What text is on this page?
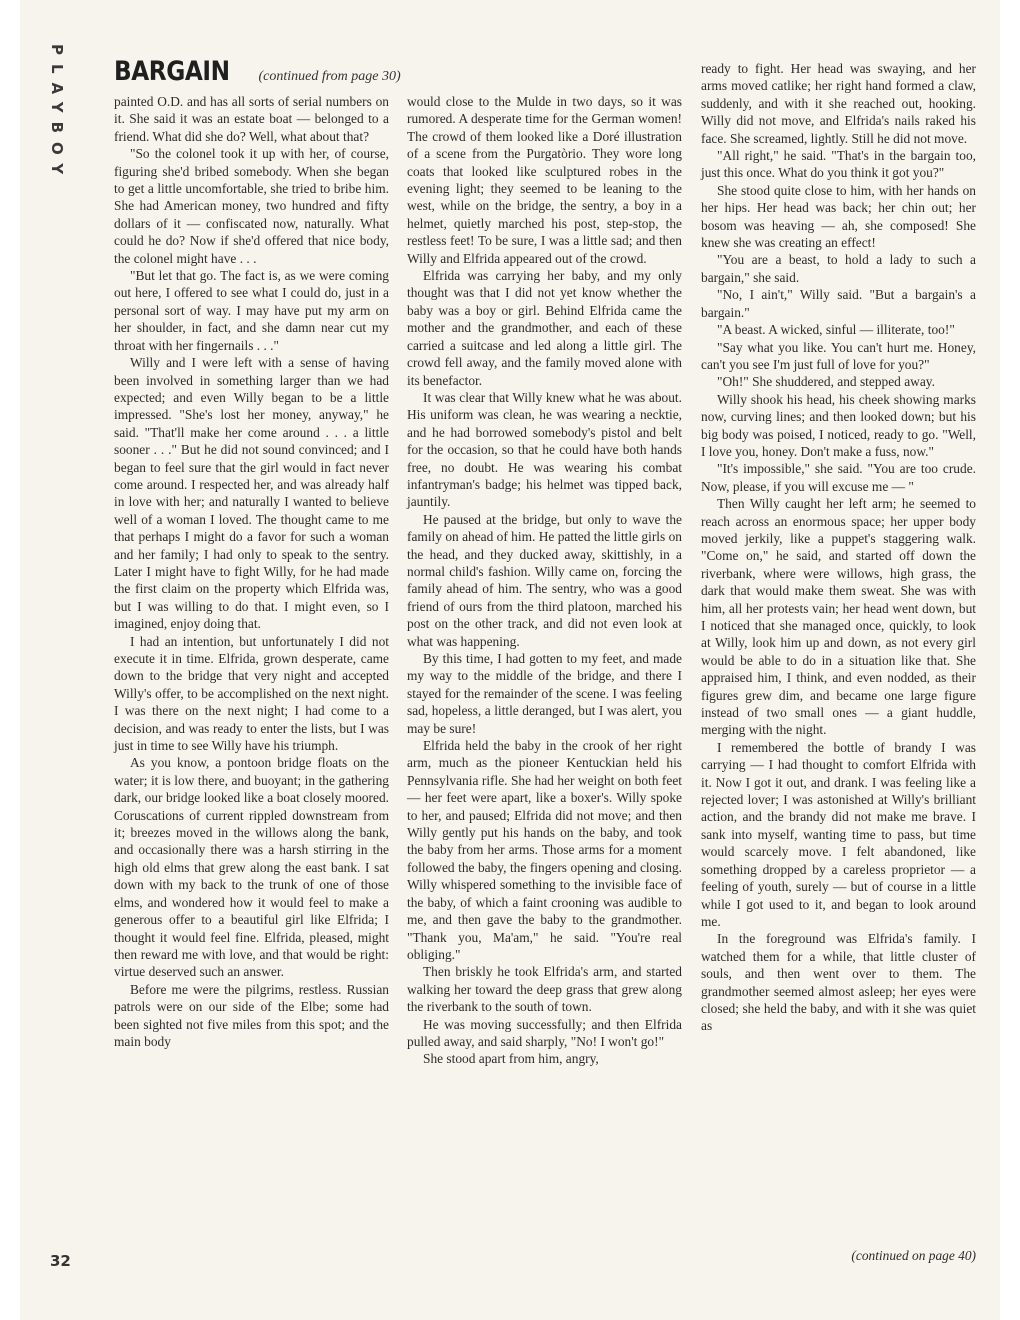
PLAYBOY BARGAIN (continued from page 30)

painted O.D. and has all sorts of serial numbers on it. She said it was an estate boat — belonged to a friend. What did she do? Well, what about that?

"So the colonel took it up with her, of course, figuring she'd bribed somebody. When she began to get a little uncomfortable, she tried to bribe him. She had American money, two hundred and fifty dollars of it — confiscated now, naturally. What could he do? Now if she'd offered that nice body, the colonel might have . . .

"But let that go. The fact is, as we were coming out here, I offered to see what I could do, just in a personal sort of way. I may have put my arm on her shoulder, in fact, and she damn near cut my throat with her fingernails . . ."

Willy and I were left with a sense of having been involved in something larger than we had expected; and even Willy began to be a little impressed. "She's lost her money, anyway," he said. "That'll make her come around . . . a little sooner . . ." But he did not sound convinced; and I began to feel sure that the girl would in fact never come around. I respected her, and was already half in love with her; and naturally I wanted to believe well of a woman I loved. The thought came to me that perhaps I might do a favor for such a woman and her family; I had only to speak to the sentry. Later I might have to fight Willy, for he had made the first claim on the property which Elfrida was, but I was willing to do that. I might even, so I imagined, enjoy doing that.

I had an intention, but unfortunately I did not execute it in time. Elfrida, grown desperate, came down to the bridge that very night and accepted Willy's offer, to be accomplished on the next night. I was there on the next night; I had come to a decision, and was ready to enter the lists, but I was just in time to see Willy have his triumph.

As you know, a pontoon bridge floats on the water; it is low there, and buoyant; in the gathering dark, our bridge looked like a boat closely moored. Coruscations of current rippled downstream from it; breezes moved in the willows along the bank, and occasionally there was a harsh stirring in the high old elms that grew along the east bank. I sat down with my back to the trunk of one of those elms, and wondered how it would feel to make a generous offer to a beautiful girl like Elfrida; I thought it would feel fine. Elfrida, pleased, might then reward me with love, and that would be right: virtue deserved such an answer.

Before me were the pilgrims, restless. Russian patrols were on our side of the Elbe; some had been sighted not five miles from this spot; and the main body

would close to the Mulde in two days, so it was rumored. A desperate time for the German women! The crowd of them looked like a Doré illustration of a scene from the Purgatòrio. They wore long coats that looked like sculptured robes in the evening light; they seemed to be leaning to the west, while on the bridge, the sentry, a boy in a helmet, quietly marched his post, step-stop, the restless feet! To be sure, I was a little sad; and then Willy and Elfrida appeared out of the crowd.

Elfrida was carrying her baby, and my only thought was that I did not yet know whether the baby was a boy or girl. Behind Elfrida came the mother and the grandmother, and each of these carried a suitcase and led along a little girl. The crowd fell away, and the family moved alone with its benefactor.

It was clear that Willy knew what he was about. His uniform was clean, he was wearing a necktie, and he had borrowed somebody's pistol and belt for the occasion, so that he could have both hands free, no doubt. He was wearing his combat infantryman's badge; his helmet was tipped back, jauntily.

He paused at the bridge, but only to wave the family on ahead of him. He patted the little girls on the head, and they ducked away, skittishly, in a normal child's fashion. Willy came on, forcing the family ahead of him. The sentry, who was a good friend of ours from the third platoon, marched his post on the other track, and did not even look at what was happening.

By this time, I had gotten to my feet, and made my way to the middle of the bridge, and there I stayed for the remainder of the scene. I was feeling sad, hopeless, a little deranged, but I was alert, you may be sure!

Elfrida held the baby in the crook of her right arm, much as the pioneer Kentuckian held his Pennsylvania rifle. She had her weight on both feet — her feet were apart, like a boxer's. Willy spoke to her, and paused; Elfrida did not move; and then Willy gently put his hands on the baby, and took the baby from her arms. Those arms for a moment followed the baby, the fingers opening and closing. Willy whispered something to the invisible face of the baby, of which a faint crooning was audible to me, and then gave the baby to the grandmother. "Thank you, Ma'am," he said. "You're real obliging."

Then briskly he took Elfrida's arm, and started walking her toward the deep grass that grew along the riverbank to the south of town.

He was moving successfully; and then Elfrida pulled away, and said sharply, "No! I won't go!"

She stood apart from him, angry,

ready to fight. Her head was swaying, and her arms moved catlike; her right hand formed a claw, suddenly, and with it she reached out, hooking. Willy did not move, and Elfrida's nails raked his face. She screamed, lightly. Still he did not move.

"All right," he said. "That's in the bargain too, just this once. What do you think it got you?"

She stood quite close to him, with her hands on her hips. Her head was back; her chin out; her bosom was heaving — ah, she composed! She knew she was creating an effect!

"You are a beast, to hold a lady to such a bargain," she said.

"No, I ain't," Willy said. "But a bargain's a bargain."

"A beast. A wicked, sinful — illiterate, too!"

"Say what you like. You can't hurt me. Honey, can't you see I'm just full of love for you?"

"Oh!" She shuddered, and stepped away.

Willy shook his head, his cheek showing marks now, curving lines; and then looked down; but his big body was poised, I noticed, ready to go. "Well, I love you, honey. Don't make a fuss, now."

"It's impossible," she said. "You are too crude. Now, please, if you will excuse me — "

Then Willy caught her left arm; he seemed to reach across an enormous space; her upper body moved jerkily, like a puppet's staggering walk. "Come on," he said, and started off down the riverbank, where were willows, high grass, the dark that would make them sweat. She was with him, all her protests vain; her head went down, but I noticed that she managed once, quickly, to look at Willy, look him up and down, as not every girl would be able to do in a situation like that. She appraised him, I think, and even nodded, as their figures grew dim, and became one large figure instead of two small ones — a giant huddle, merging with the night.

I remembered the bottle of brandy I was carrying — I had thought to comfort Elfrida with it. Now I got it out, and drank. I was feeling like a rejected lover; I was astonished at Willy's brilliant action, and the brandy did not make me brave. I sank into myself, wanting time to pass, but time would scarcely move. I felt abandoned, like something dropped by a careless proprietor — a feeling of youth, surely — but of course in a little while I got used to it, and began to look around me.

In the foreground was Elfrida's family. I watched them for a while, that little cluster of souls, and then went over to them. The grandmother seemed almost asleep; her eyes were closed; she held the baby, and with it she was quiet as

(continued on page 40)
32
